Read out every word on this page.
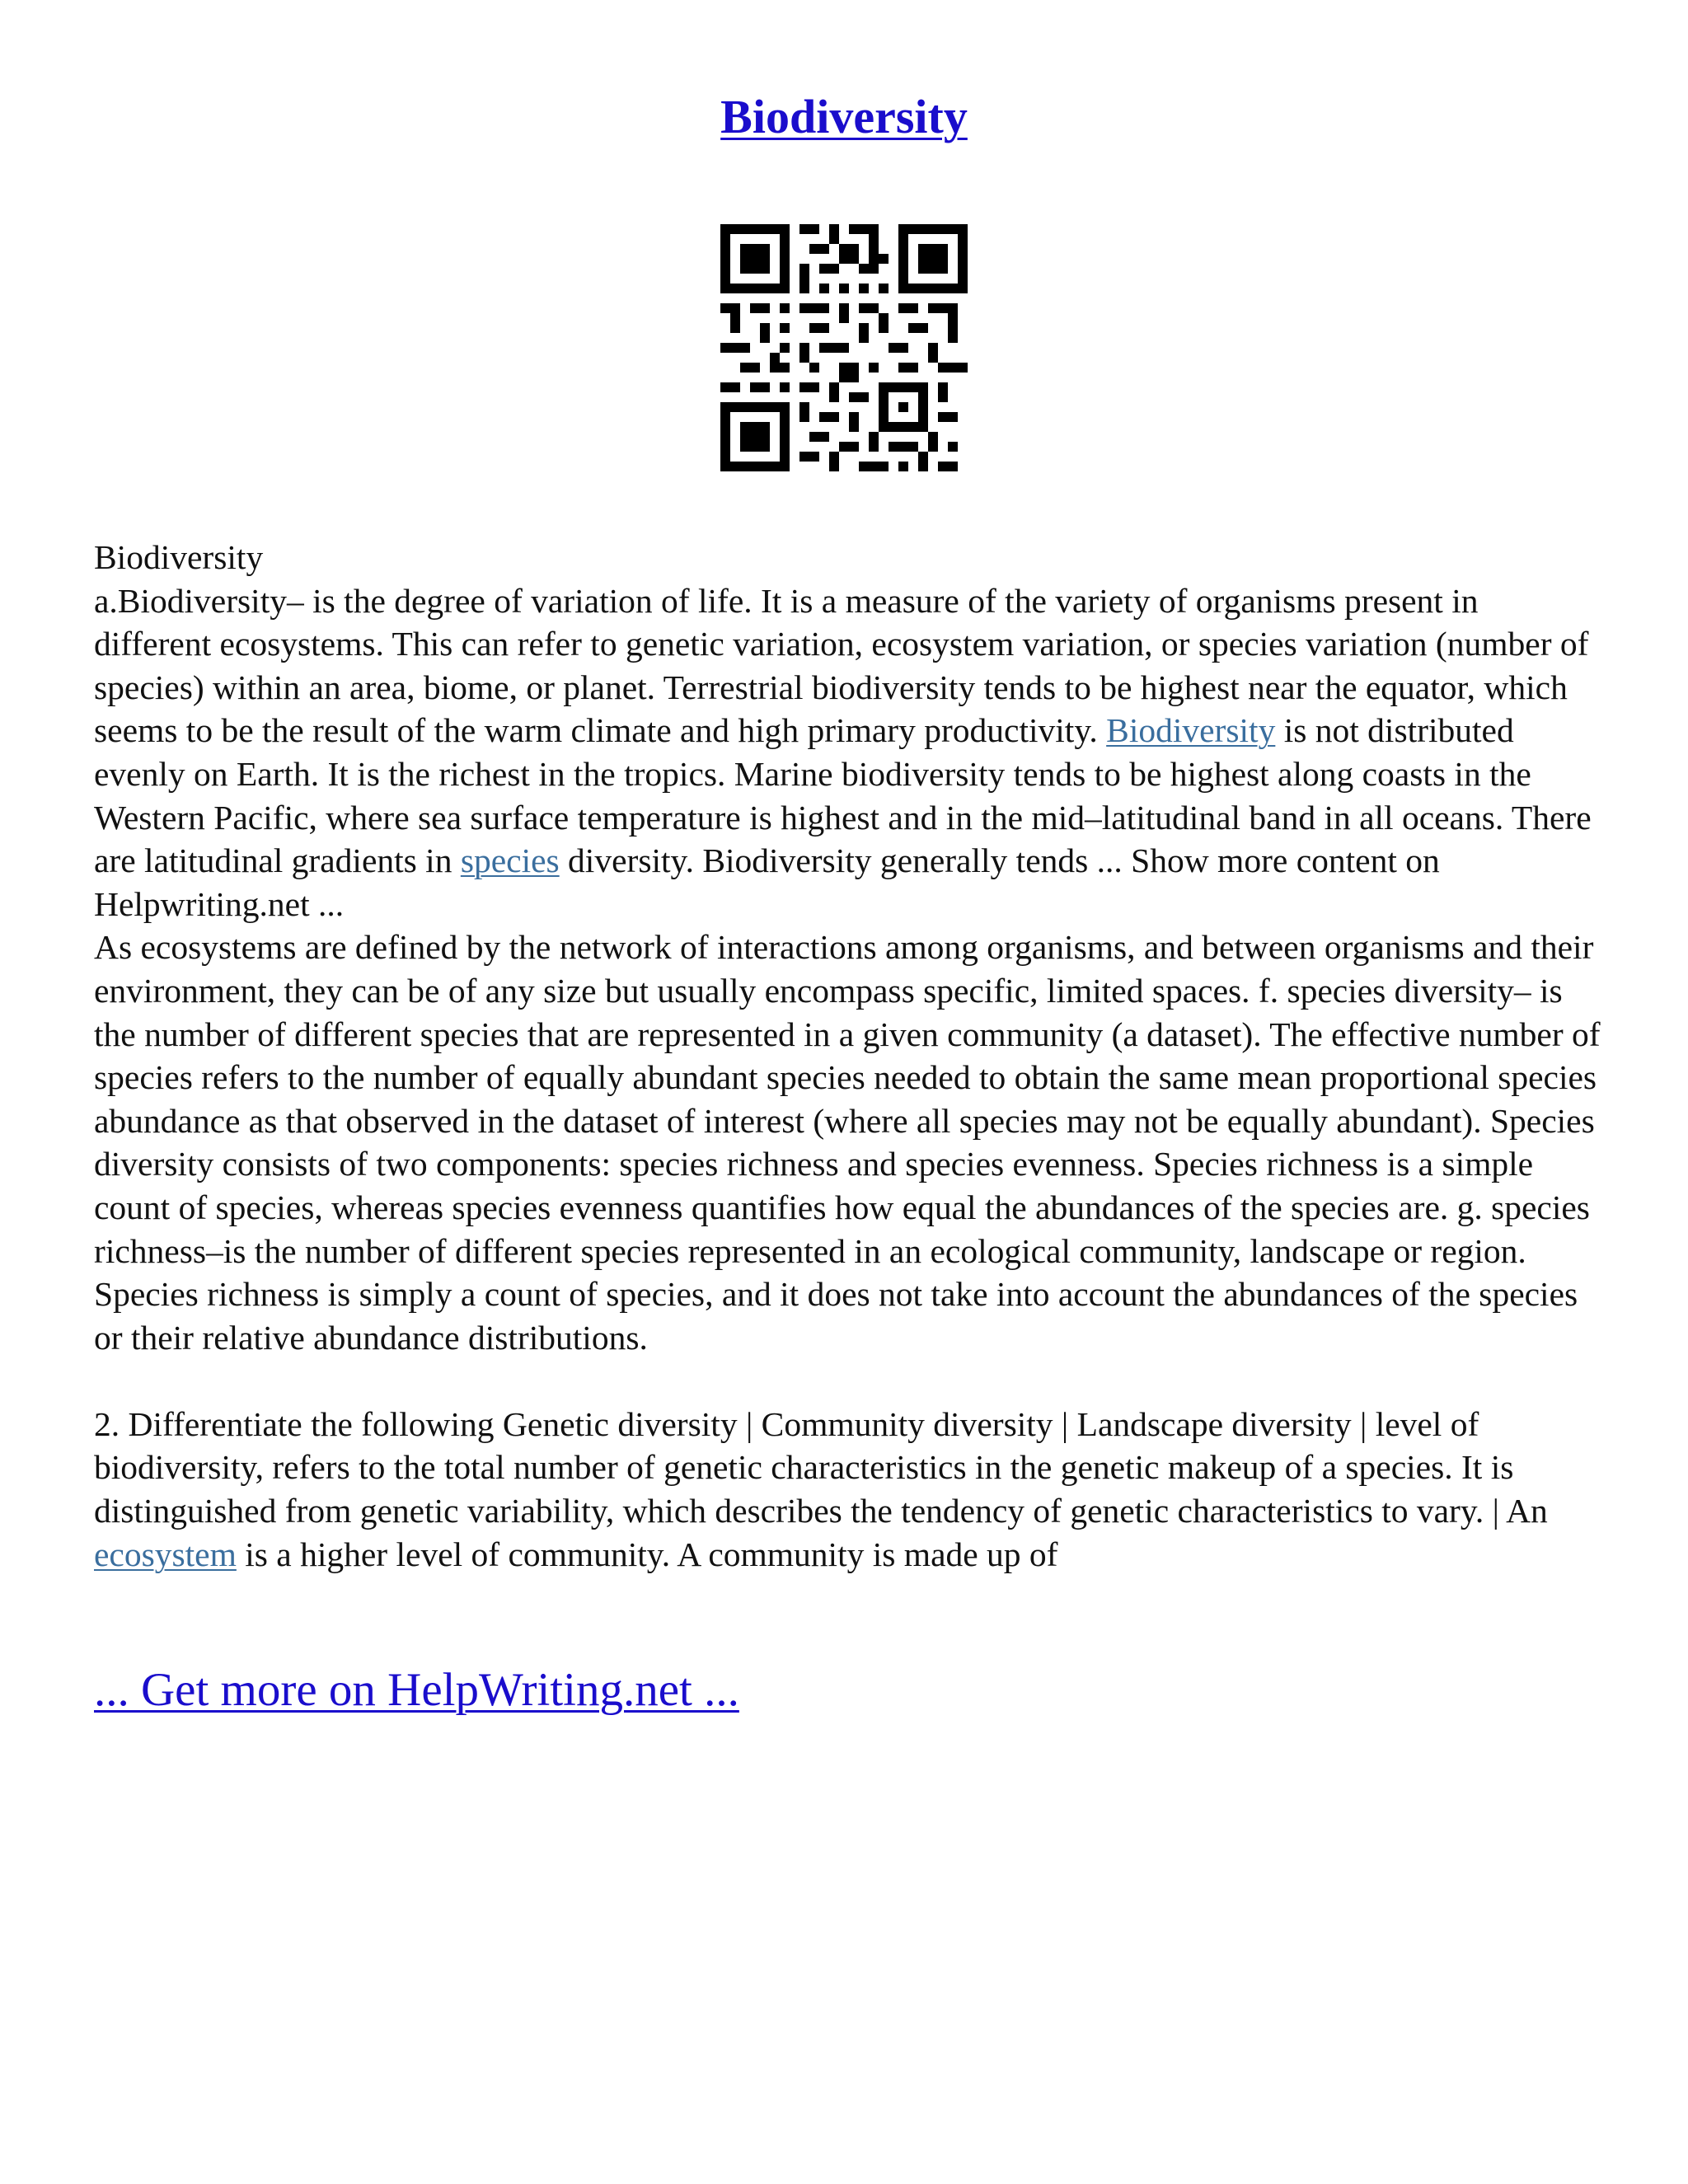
Biodiversity

Biodiversity

a.Biodiversity– is the degree of variation of life. It is a measure of the variety of organisms present in different ecosystems. This can refer to genetic variation, ecosystem variation, or species variation (number of species) within an area, biome, or planet. Terrestrial biodiversity tends to be highest near the equator, which seems to be the result of the warm climate and high primary productivity. Biodiversity is not distributed evenly on Earth. It is the richest in the tropics. Marine biodiversity tends to be highest along coasts in the Western Pacific, where sea surface temperature is highest and in the mid–latitudinal band in all oceans. There are latitudinal gradients in species diversity. Biodiversity generally tends ... Show more content on Helpwriting.net ...

As ecosystems are defined by the network of interactions among organisms, and between organisms and their environment, they can be of any size but usually encompass specific, limited spaces. f. species diversity– is the number of different species that are represented in a given community (a dataset). The effective number of species refers to the number of equally abundant species needed to obtain the same mean proportional species abundance as that observed in the dataset of interest (where all species may not be equally abundant). Species diversity consists of two components: species richness and species evenness. Species richness is a simple count of species, whereas species evenness quantifies how equal the abundances of the species are. g. species richness–is the number of different species represented in an ecological community, landscape or region. Species richness is simply a count of species, and it does not take into account the abundances of the species or their relative abundance distributions.

2. Differentiate the following Genetic diversity | Community diversity | Landscape diversity | level of biodiversity, refers to the total number of genetic characteristics in the genetic makeup of a species. It is distinguished from genetic variability, which describes the tendency of genetic characteristics to vary. | An ecosystem is a higher level of community. A community is made up of

... Get more on HelpWriting.net ...
